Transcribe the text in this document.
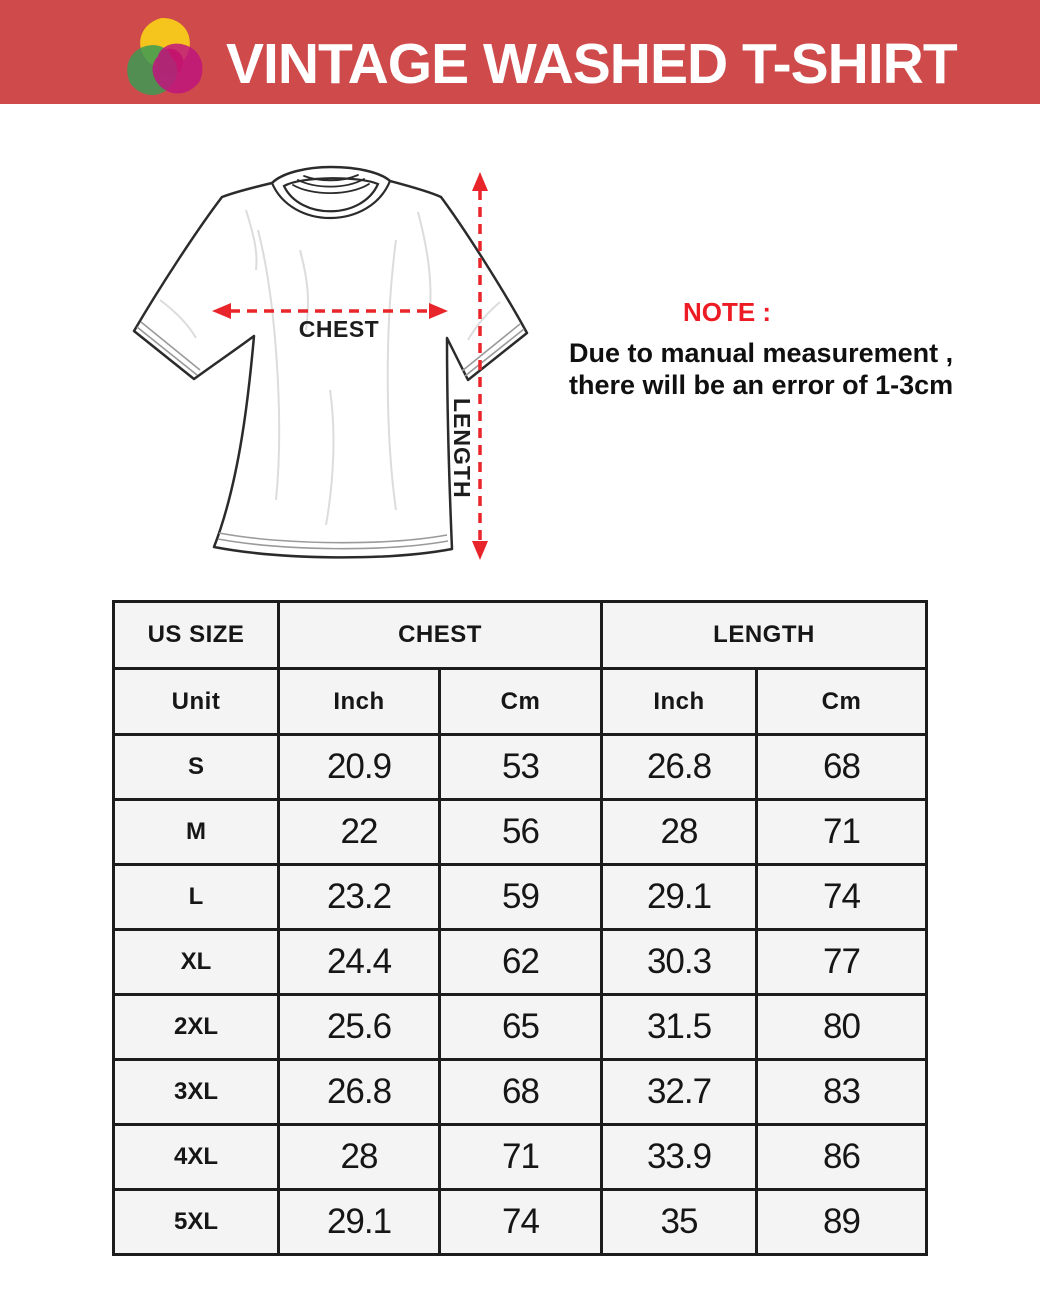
VINTAGE WASHED T-SHIRT
CHEST
LENGTH

NOTE :

Due to manual measurement ,

there will be an error of 1-3cm

US SIZE	CHEST		LENGTH	
Unit	Inch	Cm	Inch	Cm
S	20.9	53	26.8	68
M	22	56	28	71
L	23.2	59	29.1	74
XL	24.4	62	30.3	77
2XL	25.6	65	31.5	80
3XL	26.8	68	32.7	83
4XL	28	71	33.9	86
5XL	29.1	74	35	89
